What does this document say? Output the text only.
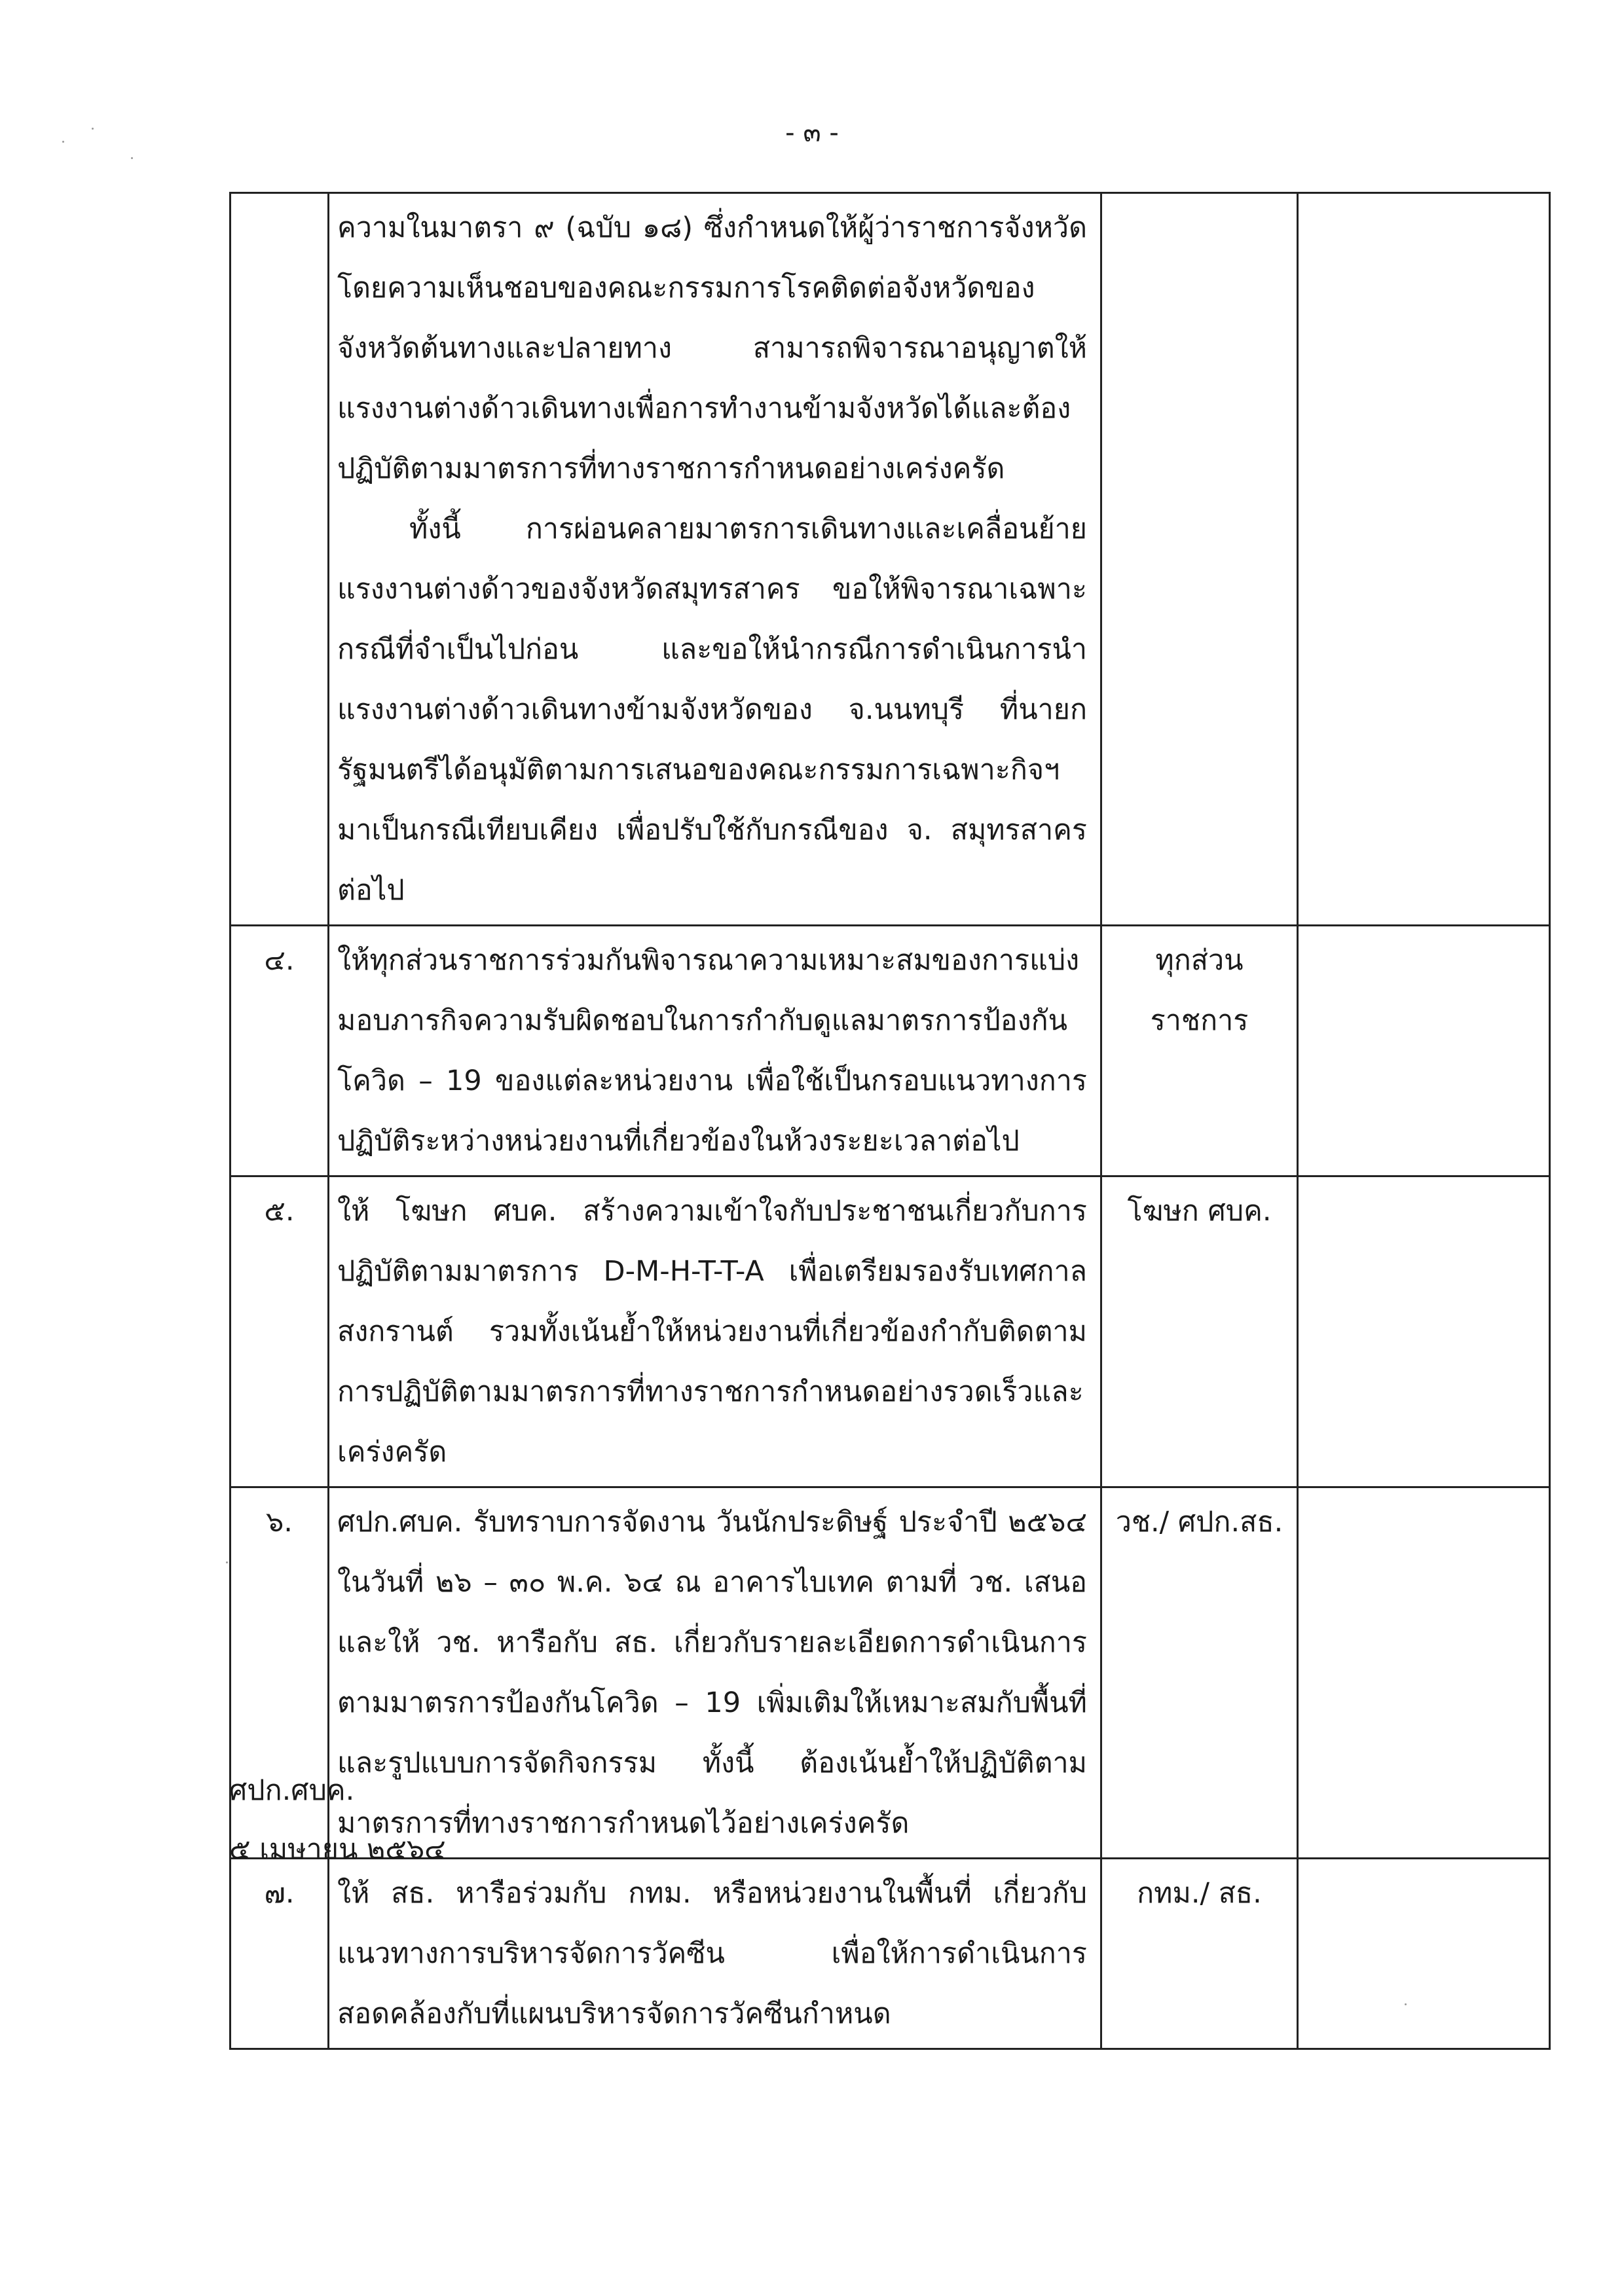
- ๓ -

	ความในมาตรา ๙ (ฉบับ ๑๘) ซึ่งกำหนดให้ผู้ว่าราชการจังหวัดโดยความเห็นชอบของคณะกรรมการโรคติดต่อจังหวัดของจังหวัดต้นทางและปลายทาง สามารถพิจารณาอนุญาตให้แรงงานต่างด้าวเดินทางเพื่อการทำงานข้ามจังหวัดได้และต้องปฏิบัติตามมาตรการที่ทางราชการกำหนดอย่างเคร่งครัด
ทั้งนี้ การผ่อนคลายมาตรการเดินทางและเคลื่อนย้ายแรงงานต่างด้าวของจังหวัดสมุทรสาคร ขอให้พิจารณาเฉพาะกรณีที่จำเป็นไปก่อน และขอให้นำกรณีการดำเนินการนำแรงงานต่างด้าวเดินทางข้ามจังหวัดของ จ.นนทบุรี ที่นายกรัฐมนตรีได้อนุมัติตามการเสนอของคณะกรรมการเฉพาะกิจฯ มาเป็นกรณีเทียบเคียง เพื่อปรับใช้กับกรณีของ จ. สมุทรสาคร ต่อไป		

๔.	ให้ทุกส่วนราชการร่วมกันพิจารณาความเหมาะสมของการแบ่งมอบภารกิจความรับผิดชอบในการกำกับดูแลมาตรการป้องกันโควิด – 19 ของแต่ละหน่วยงาน เพื่อใช้เป็นกรอบแนวทางการปฏิบัติระหว่างหน่วยงานที่เกี่ยวข้องในห้วงระยะเวลาต่อไป	ทุกส่วน ราชการ	
๕.	ให้ โฆษก ศบค. สร้างความเข้าใจกับประชาชนเกี่ยวกับการปฏิบัติตามมาตรการ D-M-H-T-T-A เพื่อเตรียมรองรับเทศกาลสงกรานต์ รวมทั้งเน้นย้ำให้หน่วยงานที่เกี่ยวข้องกำกับติดตามการปฏิบัติตามมาตรการที่ทางราชการกำหนดอย่างรวดเร็วและเคร่งครัด	โฆษก ศบค.	
๖.	ศปก.ศบค. รับทราบการจัดงาน วันนักประดิษฐ์ ประจำปี ๒๕๖๔ ในวันที่ ๒๖ – ๓๐ พ.ค. ๖๔ ณ อาคารไบเทค ตามที่ วช. เสนอ และให้ วช. หารือกับ สธ. เกี่ยวกับรายละเอียดการดำเนินการตามมาตรการป้องกันโควิด – 19 เพิ่มเติมให้เหมาะสมกับพื้นที่และรูปแบบการจัดกิจกรรม ทั้งนี้ ต้องเน้นย้ำให้ปฏิบัติตามมาตรการที่ทางราชการกำหนดไว้อย่างเคร่งครัด	วช./ ศปก.สธ.	
๗.	ให้ สธ. หารือร่วมกับ กทม. หรือหน่วยงานในพื้นที่ เกี่ยวกับแนวทางการบริหารจัดการวัคซีน เพื่อให้การดำเนินการสอดคล้องกับที่แผนบริหารจัดการวัคซีนกำหนด	กทม./ สธ.	
ศปก.ศบค.
๕ เมษายน ๒๕๖๔
